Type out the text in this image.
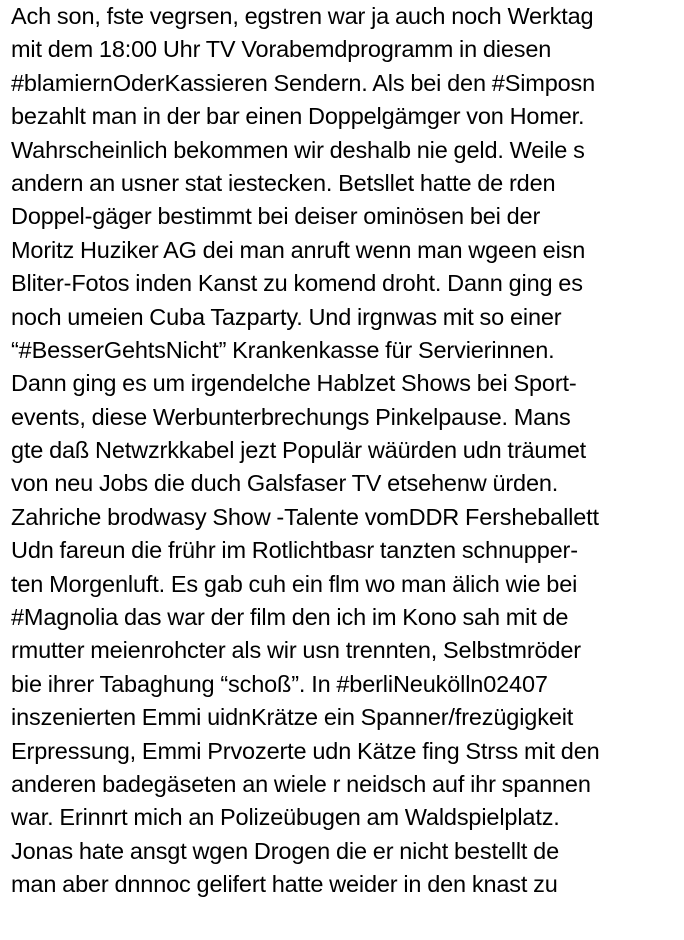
Ach son, fste vegrsen, egstren war ja auch noch Werktag
mit dem 18:00 Uhr TV Vorabemdprogramm in diesen
#blamiernOderKassieren Sendern. Als bei den #Simposn
bezahlt man in der bar einen Doppelgämger von Homer.
Wahrscheinlich bekommen wir deshalb nie geld. Weile s
andern an usner stat iestecken. Betsllet hatte de rden
Doppel-gäger bestimmt bei deiser ominösen bei der
Moritz Huziker AG dei man anruft wenn man wgeen eisn
Bliter-Fotos inden Kanst zu komend droht. Dann ging es
noch umeien Cuba Tazparty. Und irgnwas mit so einer
“#BesserGehtsNicht” Krankenkasse für Servierinnen.
Dann ging es um irgendelche Hablzet Shows bei Sport-
events, diese Werbunterbrechungs Pinkelpause. Mans
gte daß Netwzrkkabel jezt Populär wäürden udn träumet
von neu Jobs die duch Galsfaser TV etsehenw ürden.
Zahriche brodwasy Show -Talente vomDDR Fersheballett
Udn fareun die frühr im Rotlichtbasr tanzten schnupper-
ten Morgenluft. Es gab cuh ein flm wo man älich wie bei
#Magnolia das war der film den ich im Kono sah mit de
rmutter meienrohcter als wir usn trennten, Selbstmröder
bie ihrer Tabaghung “schoß”. In #berliNeukölln02407
inszenierten Emmi uidnKrätze ein Spanner/frezügigkeit
Erpressung, Emmi Prvozerte udn Kätze fing Strss mit den
anderen badegäseten an wiele r neidsch auf ihr spannen
war. Erinnrt mich an Polizeübugen am Waldspielplatz.
Jonas hate ansgt wgen Drogen die er nicht bestellt de
man aber dnnnoc gelifert hatte weider in den knast zu
